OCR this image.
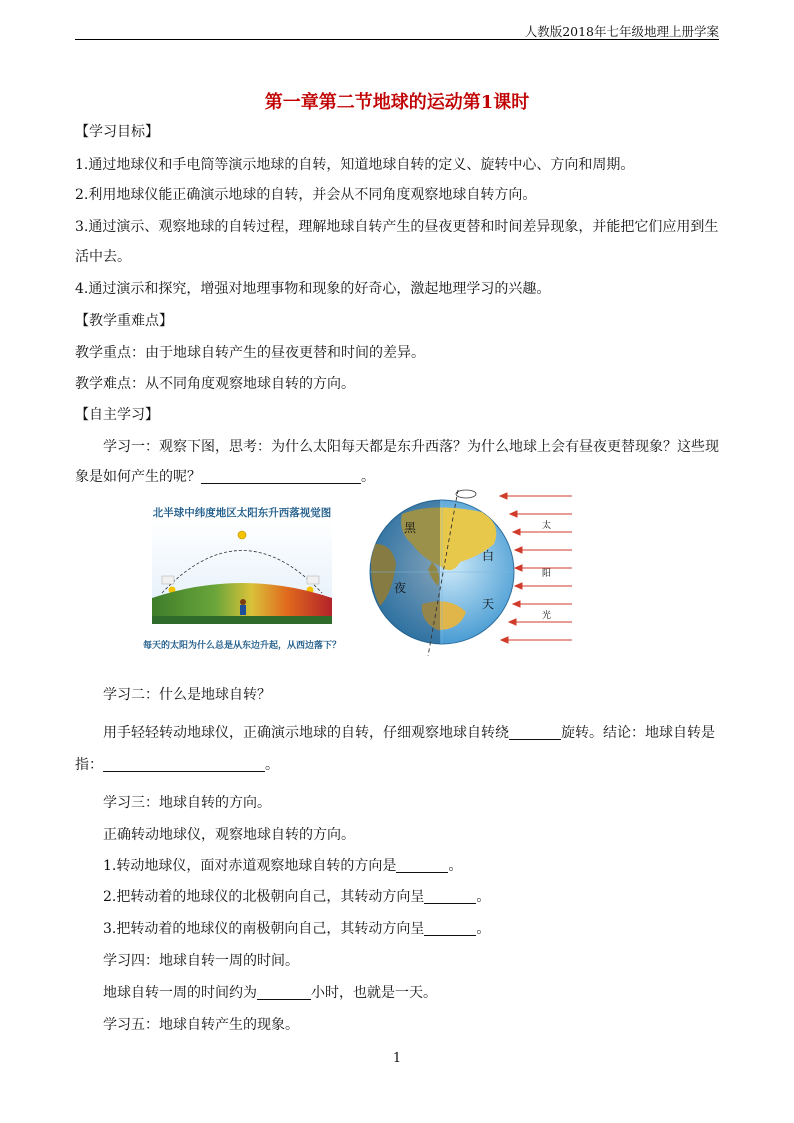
人教版2018年七年级地理上册学案
第一章第二节地球的运动第1课时
【学习目标】
1.通过地球仪和手电筒等演示地球的自转，知道地球自转的定义、旋转中心、方向和周期。
2.利用地球仪能正确演示地球的自转，并会从不同角度观察地球自转方向。
3.通过演示、观察地球的自转过程，理解地球自转产生的昼夜更替和时间差异现象，并能把它们应用到生
活中去。
4.通过演示和探究，增强对地理事物和现象的好奇心，激起地理学习的兴趣。
【教学重难点】
教学重点：由于地球自转产生的昼夜更替和时间的差异。
教学难点：从不同角度观察地球自转的方向。
【自主学习】
学习一：观察下图，思考：为什么太阳每天都是东升西落？为什么地球上会有昼夜更替现象？这些现
象是如何产生的呢？	。
北半球中纬度地区太阳东升西落视觉图
每天的太阳为什么总是从东边升起，从西边落下？
黑
夜
白
天
太
阳
光
学习二：什么是地球自转？
用手轻轻转动地球仪，正确演示地球的自转，仔细观察地球自转绕	旋转。结论：地球自转是
指：	。
学习三：地球自转的方向。
正确转动地球仪，观察地球自转的方向。
1.转动地球仪，面对赤道观察地球自转的方向是	。
2.把转动着的地球仪的北极朝向自己，其转动方向呈	。
3.把转动着的地球仪的南极朝向自己，其转动方向呈	。
学习四：地球自转一周的时间。
地球自转一周的时间约为	小时，也就是一天。
学习五：地球自转产生的现象。
1
